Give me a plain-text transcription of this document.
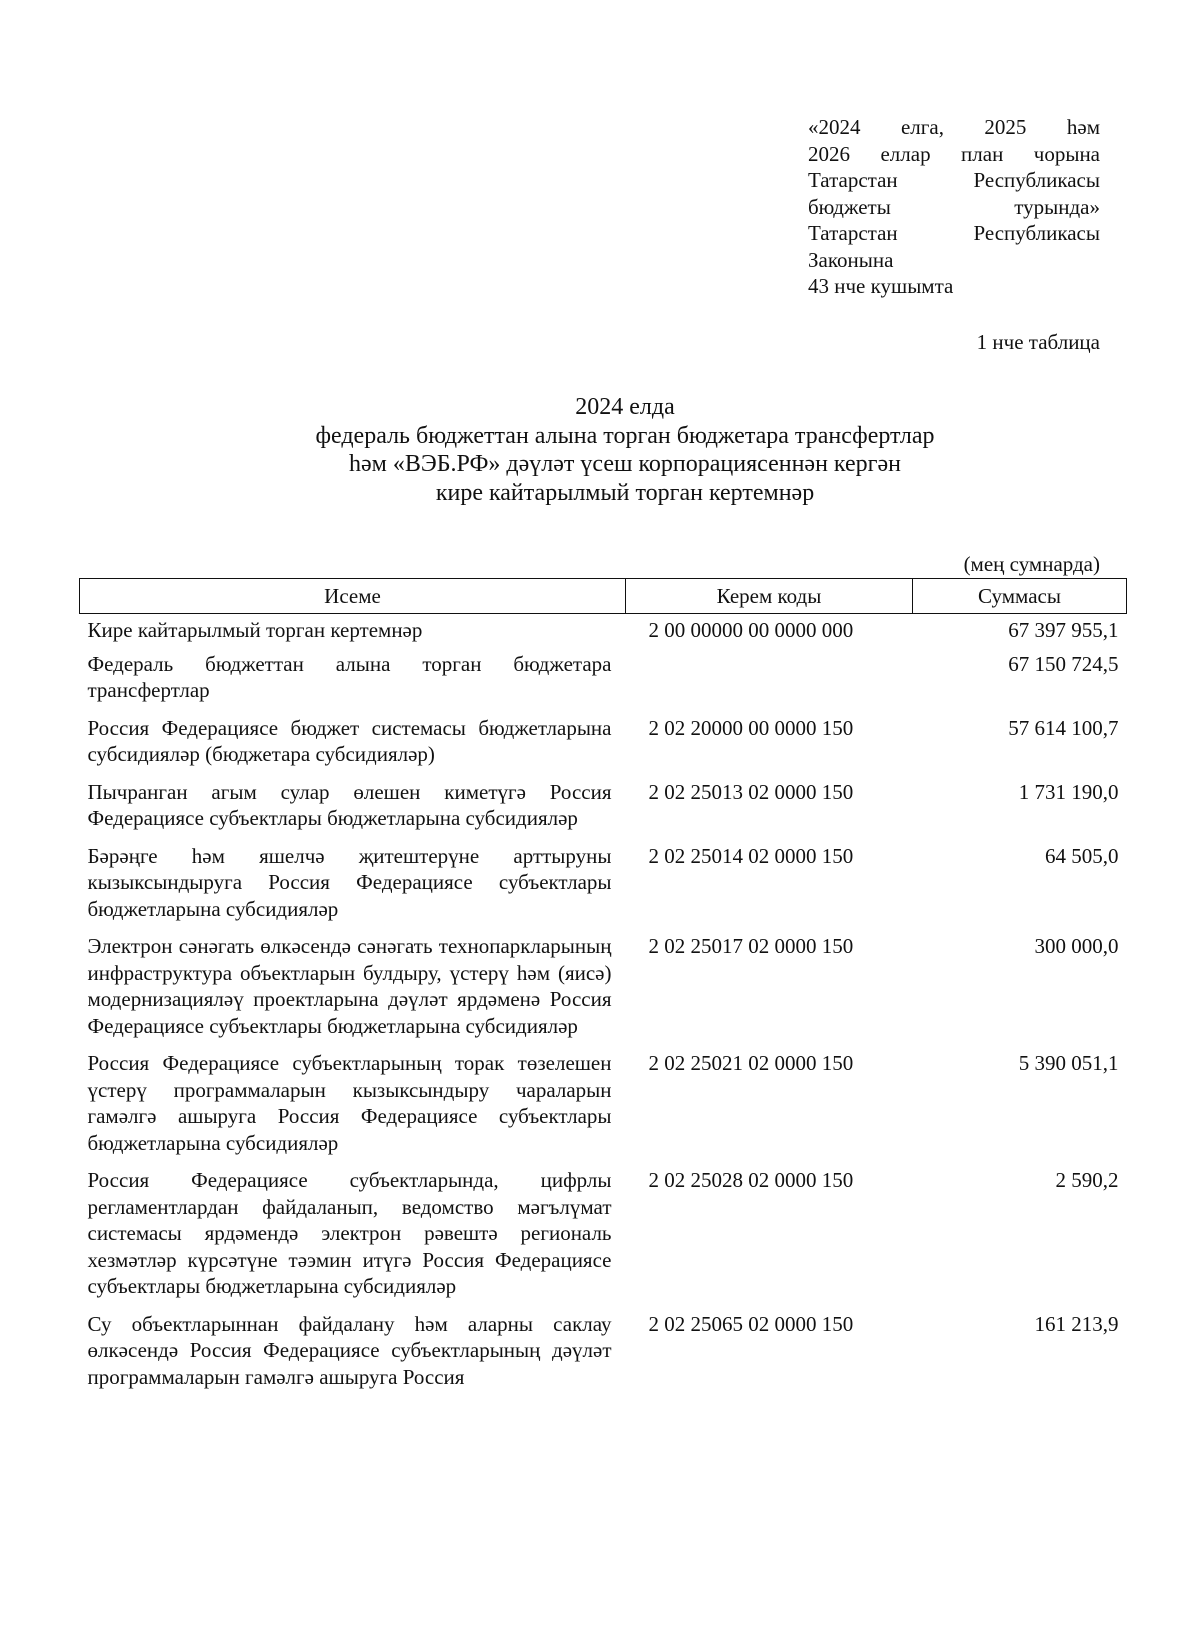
«2024 елга, 2025 һәм
2026 еллар план чорына
Татарстан Республикасы
бюджеты турында»
Татарстан Республикасы
Законына
43 нче кушымта
1 нче таблица
2024 елда
федераль бюджеттан алына торган бюджетара трансфертлар
һәм «ВЭБ.РФ» дәүләт үсеш корпорациясеннән кергән
кире кайтарылмый торган кертемнәр
(мең сумнарда)
Исеме	Керем коды	Суммасы
Кире кайтарылмый торган кертемнәр	2 00 00000 00 0000 000	67 397 955,1
Федераль бюджеттан алына торган бюджетара трансфертлар		67 150 724,5
Россия Федерациясе бюджет системасы бюджетларына субсидияләр (бюджетара субсидияләр)	2 02 20000 00 0000 150	57 614 100,7
Пычранган агым сулар өлешен киметүгә Россия Федерациясе субъектлары бюджетларына субсидияләр	2 02 25013 02 0000 150	1 731 190,0
Бәрәңге һәм яшелчә җитештерүне арттыруны кызыксындыруга Россия Федерациясе субъектлары бюджетларына субсидияләр	2 02 25014 02 0000 150	64 505,0
Электрон сәнәгать өлкәсендә сәнәгать технопаркларының инфраструктура объектларын булдыру, үстерү һәм (яисә) модернизацияләү проектларына дәүләт ярдәменә Россия Федерациясе субъектлары бюджетларына субсидияләр	2 02 25017 02 0000 150	300 000,0
Россия Федерациясе субъектларының торак төзелешен үстерү программаларын кызыксындыру чараларын гамәлгә ашыруга Россия Федерациясе субъектлары бюджетларына субсидияләр	2 02 25021 02 0000 150	5 390 051,1
Россия Федерациясе субъектларында, цифрлы регламентлардан файдаланып, ведомство мәгълүмат системасы ярдәмендә электрон рәвештә региональ хезмәтләр күрсәтүне тәэмин итүгә Россия Федерациясе субъектлары бюджетларына субсидияләр	2 02 25028 02 0000 150	2 590,2
Су объектларыннан файдалану һәм аларны саклау өлкәсендә Россия Федерациясе субъектларының дәүләт программаларын гамәлгә ашыруга Россия	2 02 25065 02 0000 150	161 213,9
